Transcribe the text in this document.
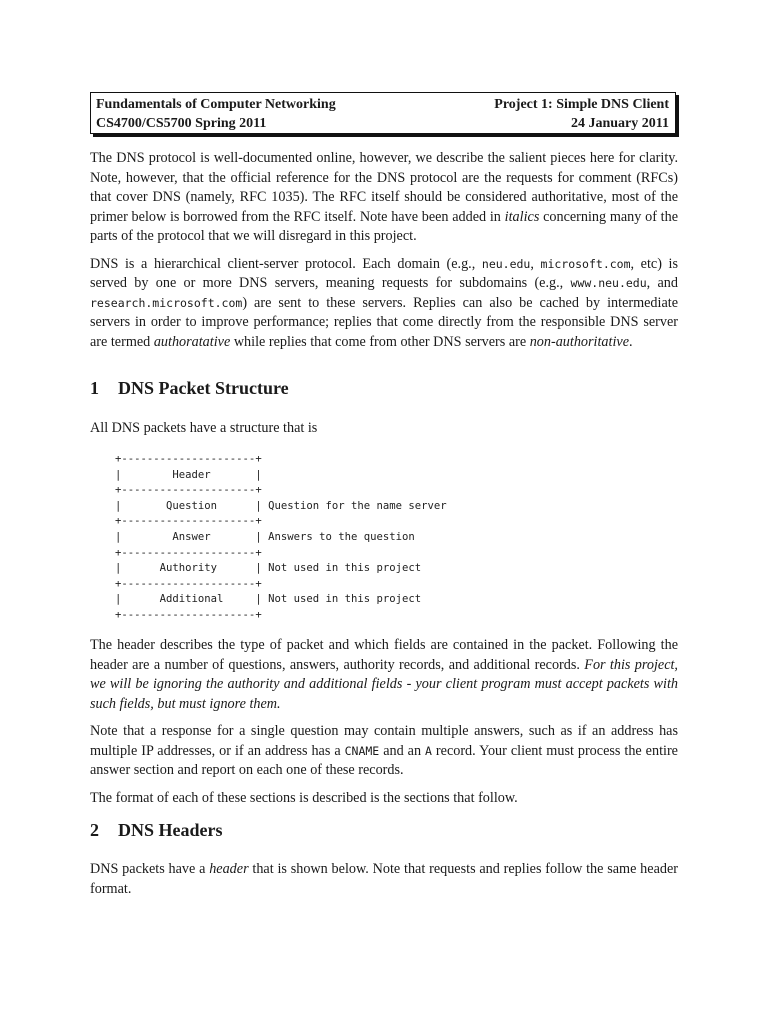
Fundamentals of Computer Networking	Project 1: Simple DNS Client
CS4700/CS5700 Spring 2011	24 January 2011

The DNS protocol is well-documented online, however, we describe the salient pieces here for clarity. Note, however, that the official reference for the DNS protocol are the requests for comment (RFCs) that cover DNS (namely, RFC 1035). The RFC itself should be considered authoritative, most of the primer below is borrowed from the RFC itself. Note have been added in italics concerning many of the parts of the protocol that we will disregard in this project.

DNS is a hierarchical client-server protocol. Each domain (e.g., neu.edu, microsoft.com, etc) is served by one or more DNS servers, meaning requests for subdomains (e.g., www.neu.edu, and research.microsoft.com) are sent to these servers. Replies can also be cached by intermediate servers in order to improve performance; replies that come directly from the responsible DNS server are termed authoratative while replies that come from other DNS servers are non-authoritative.

1 DNS Packet Structure

All DNS packets have a structure that is

+---------------------+
|        Header       |
+---------------------+
|       Question      | Question for the name server
+---------------------+
|        Answer       | Answers to the question
+---------------------+
|      Authority      | Not used in this project
+---------------------+
|      Additional     | Not used in this project
+---------------------+

The header describes the type of packet and which fields are contained in the packet. Following the header are a number of questions, answers, authority records, and additional records. For this project, we will be ignoring the authority and additional fields - your client program must accept packets with such fields, but must ignore them.

Note that a response for a single question may contain multiple answers, such as if an address has multiple IP addresses, or if an address has a CNAME and an A record. Your client must process the entire answer section and report on each one of these records.

The format of each of these sections is described is the sections that follow.

2 DNS Headers

DNS packets have a header that is shown below. Note that requests and replies follow the same header format.
